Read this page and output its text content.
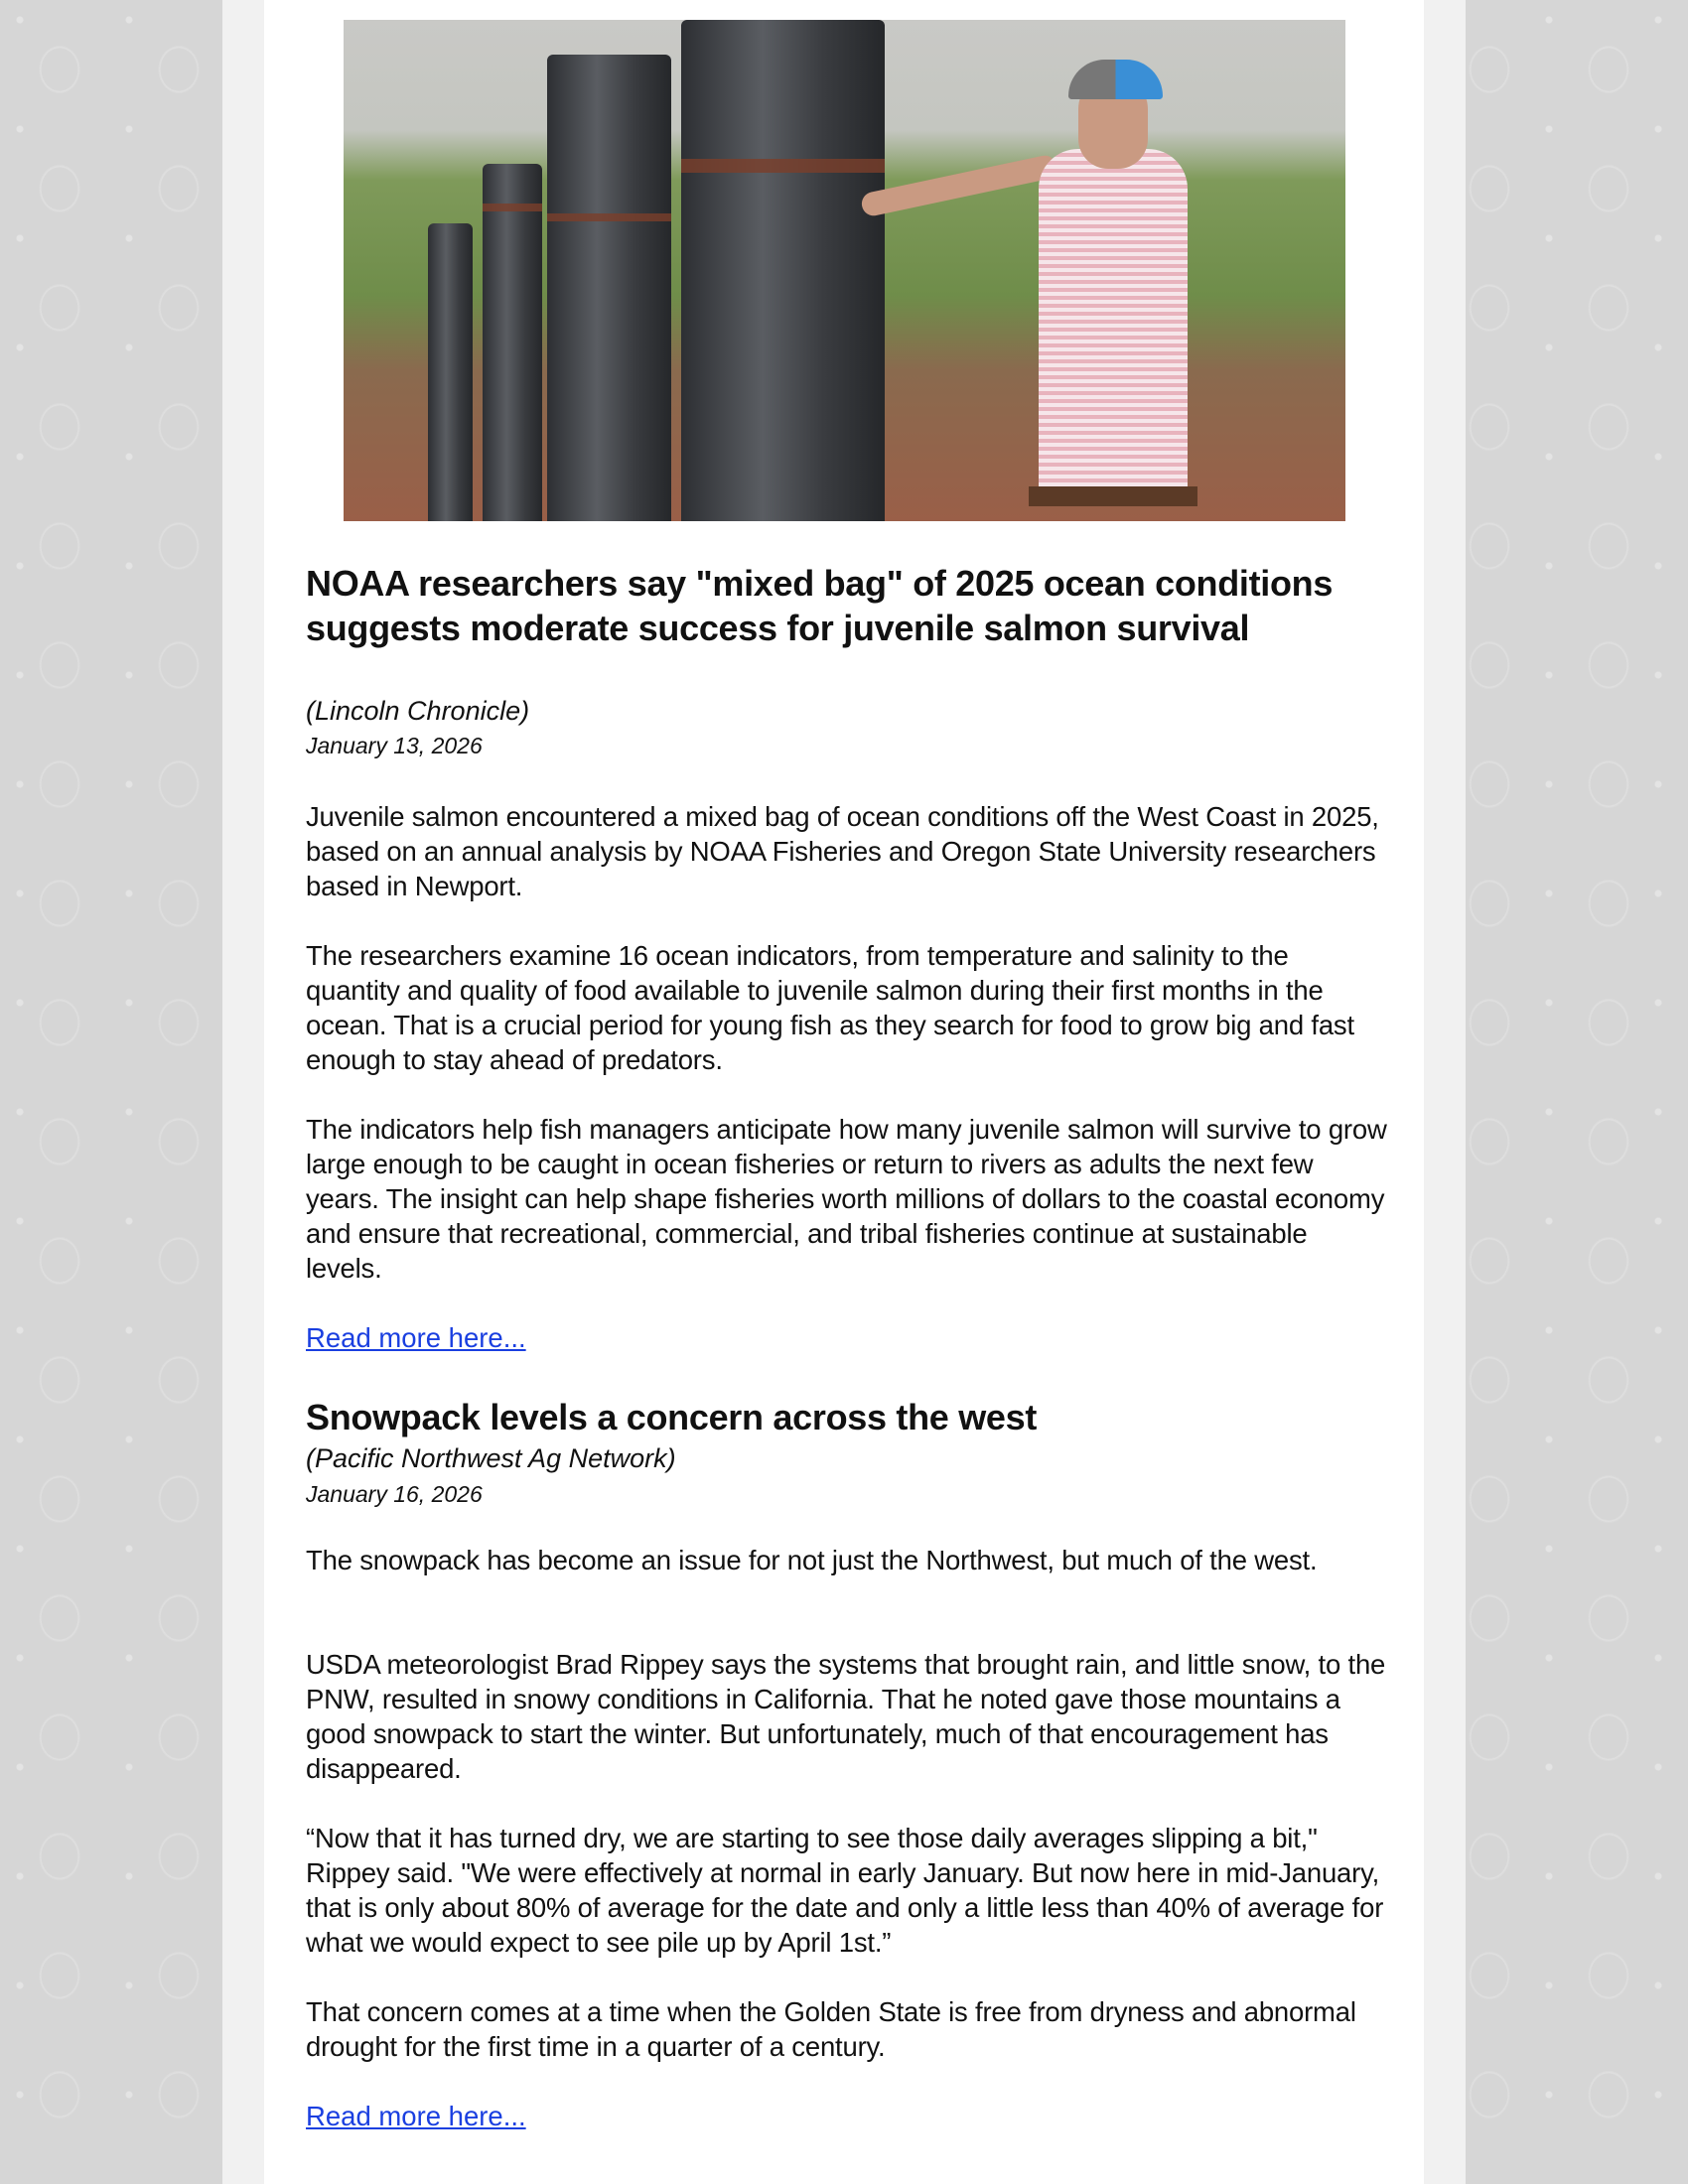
NOAA researchers say "mixed bag" of 2025 ocean conditions suggests moderate success for juvenile salmon survival
(Lincoln Chronicle)
January 13, 2026
Juvenile salmon encountered a mixed bag of ocean conditions off the West Coast in 2025, based on an annual analysis by NOAA Fisheries and Oregon State University researchers based in Newport.
The researchers examine 16 ocean indicators, from temperature and salinity to the quantity and quality of food available to juvenile salmon during their first months in the ocean. That is a crucial period for young fish as they search for food to grow big and fast enough to stay ahead of predators.
The indicators help fish managers anticipate how many juvenile salmon will survive to grow large enough to be caught in ocean fisheries or return to rivers as adults the next few years. The insight can help shape fisheries worth millions of dollars to the coastal economy and ensure that recreational, commercial, and tribal fisheries continue at sustainable levels.
Read more here...
Snowpack levels a concern across the west
(Pacific Northwest Ag Network)
January 16, 2026
The snowpack has become an issue for not just the Northwest, but much of the west.
USDA meteorologist Brad Rippey says the systems that brought rain, and little snow, to the PNW, resulted in snowy conditions in California. That he noted gave those mountains a good snowpack to start the winter. But unfortunately, much of that encouragement has disappeared.
“Now that it has turned dry, we are starting to see those daily averages slipping a bit," Rippey said. "We were effectively at normal in early January. But now here in mid-January, that is only about 80% of average for the date and only a little less than 40% of average for what we would expect to see pile up by April 1st.”
That concern comes at a time when the Golden State is free from dryness and abnormal drought for the first time in a quarter of a century.
Read more here...
